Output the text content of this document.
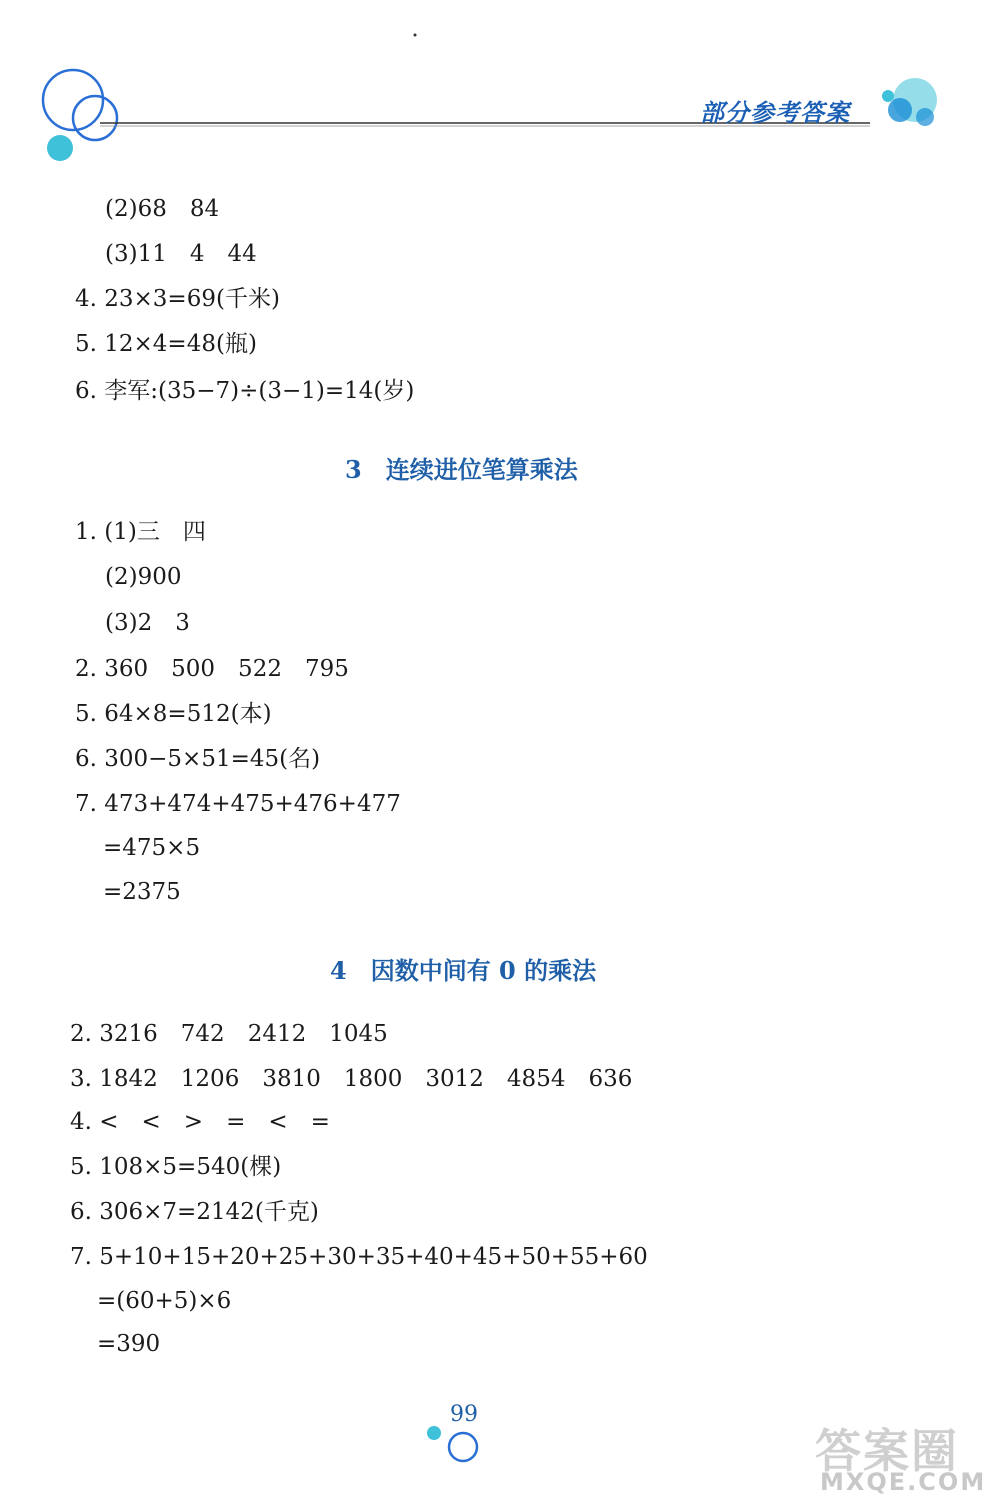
部分参考答案
(2)68　84
(3)11　4　44
4. 23×3=69(千米)
5. 12×4=48(瓶)
6. 李军:(35−7)÷(3−1)=14(岁)
3　连续进位笔算乘法
1. (1)三　四
(2)900
(3)2　3
2. 360　500　522　795
5. 64×8=512(本)
6. 300−5×51=45(名)
7. 473+474+475+476+477
=475×5
=2375
4　因数中间有 0 的乘法
2. 3216　742　2412　1045
3. 1842　1206　3810　1800　3012　4854　636
4. <　<　>　=　<　=
5. 108×5=540(棵)
6. 306×7=2142(千克)
7. 5+10+15+20+25+30+35+40+45+50+55+60
=(60+5)×6
=390
99
答案圈
MXQE.COM
